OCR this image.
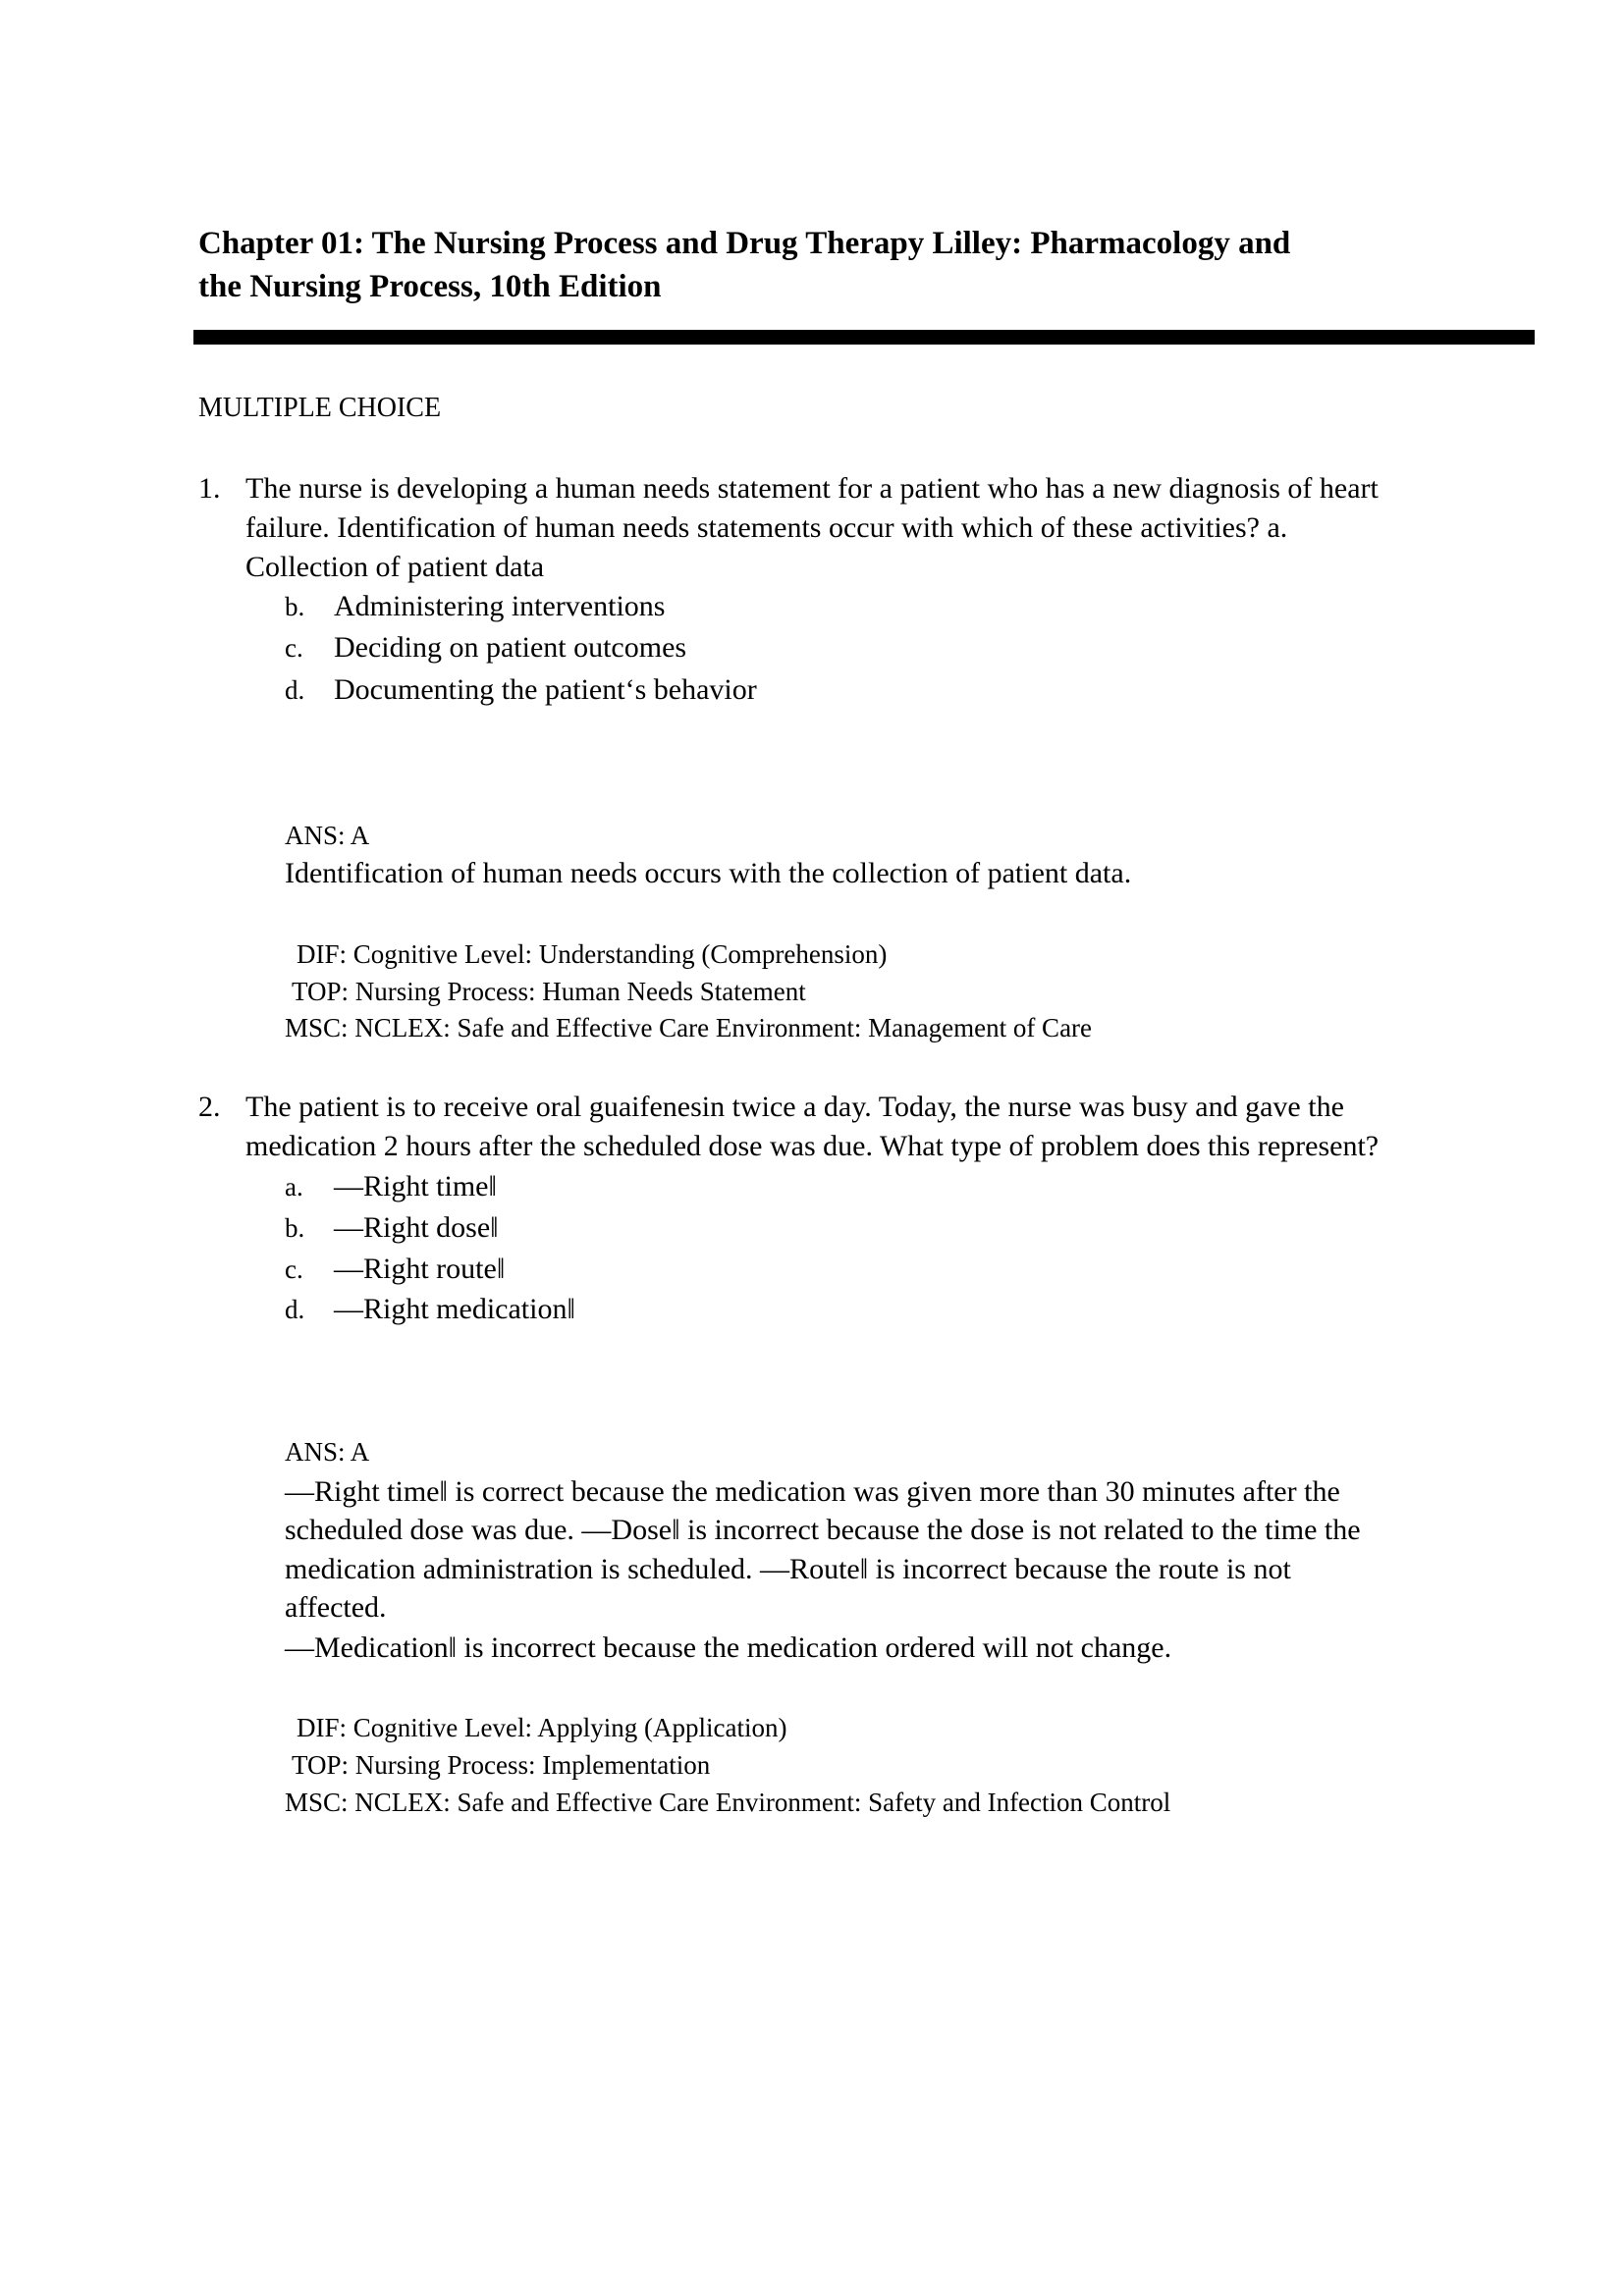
Chapter 01: The Nursing Process and Drug Therapy Lilley: Pharmacology and
the Nursing Process, 10th Edition
MULTIPLE CHOICE
1. The nurse is developing a human needs statement for a patient who has a new diagnosis of heart
failure. Identification of human needs statements occur with which of these activities? a.
Collection of patient data
b. Administering interventions
c. Deciding on patient outcomes
d. Documenting the patient‘s behavior
ANS: A
Identification of human needs occurs with the collection of patient data.
DIF: Cognitive Level: Understanding (Comprehension)
TOP: Nursing Process: Human Needs Statement
MSC: NCLEX: Safe and Effective Care Environment: Management of Care
2. The patient is to receive oral guaifenesin twice a day. Today, the nurse was busy and gave the
medication 2 hours after the scheduled dose was due. What type of problem does this represent?
a. ―Right time‖
b. ―Right dose‖
c. ―Right route‖
d. ―Right medication‖
ANS: A
―Right time‖ is correct because the medication was given more than 30 minutes after the
scheduled dose was due. ―Dose‖ is incorrect because the dose is not related to the time the
medication administration is scheduled. ―Route‖ is incorrect because the route is not
affected.
―Medication‖ is incorrect because the medication ordered will not change.
DIF: Cognitive Level: Applying (Application)
TOP: Nursing Process: Implementation
MSC: NCLEX: Safe and Effective Care Environment: Safety and Infection Control
